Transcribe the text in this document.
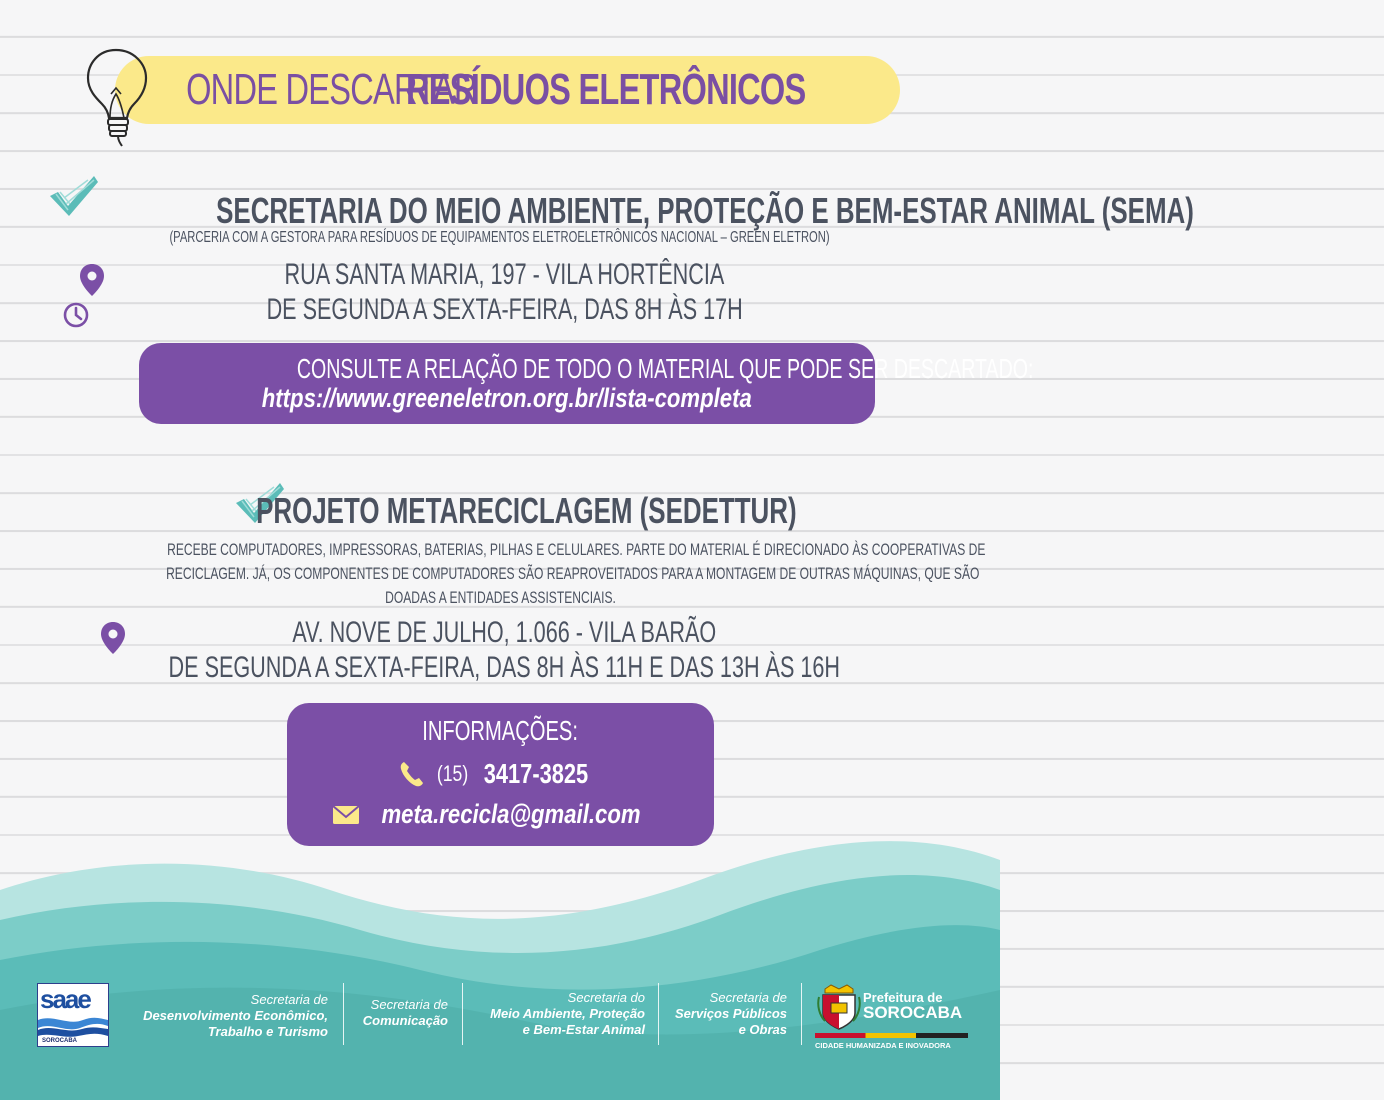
ONDE DESCARTAR
RESÍDUOS ELETRÔNICOS
SECRETARIA DO MEIO AMBIENTE, PROTEÇÃO E BEM-ESTAR ANIMAL (SEMA)
(PARCERIA COM A GESTORA PARA RESÍDUOS DE EQUIPAMENTOS ELETROELETRÔNICOS NACIONAL – GREEN ELETRON)
RUA SANTA MARIA, 197 - VILA HORTÊNCIA
DE SEGUNDA A SEXTA-FEIRA, DAS 8H ÀS 17H
CONSULTE A RELAÇÃO DE TODO O MATERIAL QUE PODE SER DESCARTADO:
https://www.greeneletron.org.br/lista-completa
PROJETO METARECICLAGEM (SEDETTUR)
RECEBE COMPUTADORES, IMPRESSORAS, BATERIAS, PILHAS E CELULARES. PARTE DO MATERIAL É DIRECIONADO ÀS COOPERATIVAS DE
RECICLAGEM. JÁ, OS COMPONENTES DE COMPUTADORES SÃO REAPROVEITADOS PARA A MONTAGEM DE OUTRAS MÁQUINAS, QUE SÃO
DOADAS A ENTIDADES ASSISTENCIAIS.
AV. NOVE DE JULHO, 1.066 - VILA BARÃO
DE SEGUNDA A SEXTA-FEIRA, DAS 8H ÀS 11H E DAS 13H ÀS 16H
INFORMAÇÕES:
(15) 3417-3825
meta.recicla@gmail.com
saae
SOROCABA
Secretaria de
Desenvolvimento Econômico,
Trabalho e Turismo
Secretaria de
Comunicação
Secretaria do
Meio Ambiente, Proteção
e Bem-Estar Animal
Secretaria de
Serviços Públicos
e Obras
Prefeitura de
SOROCABA
CIDADE HUMANIZADA E INOVADORA
